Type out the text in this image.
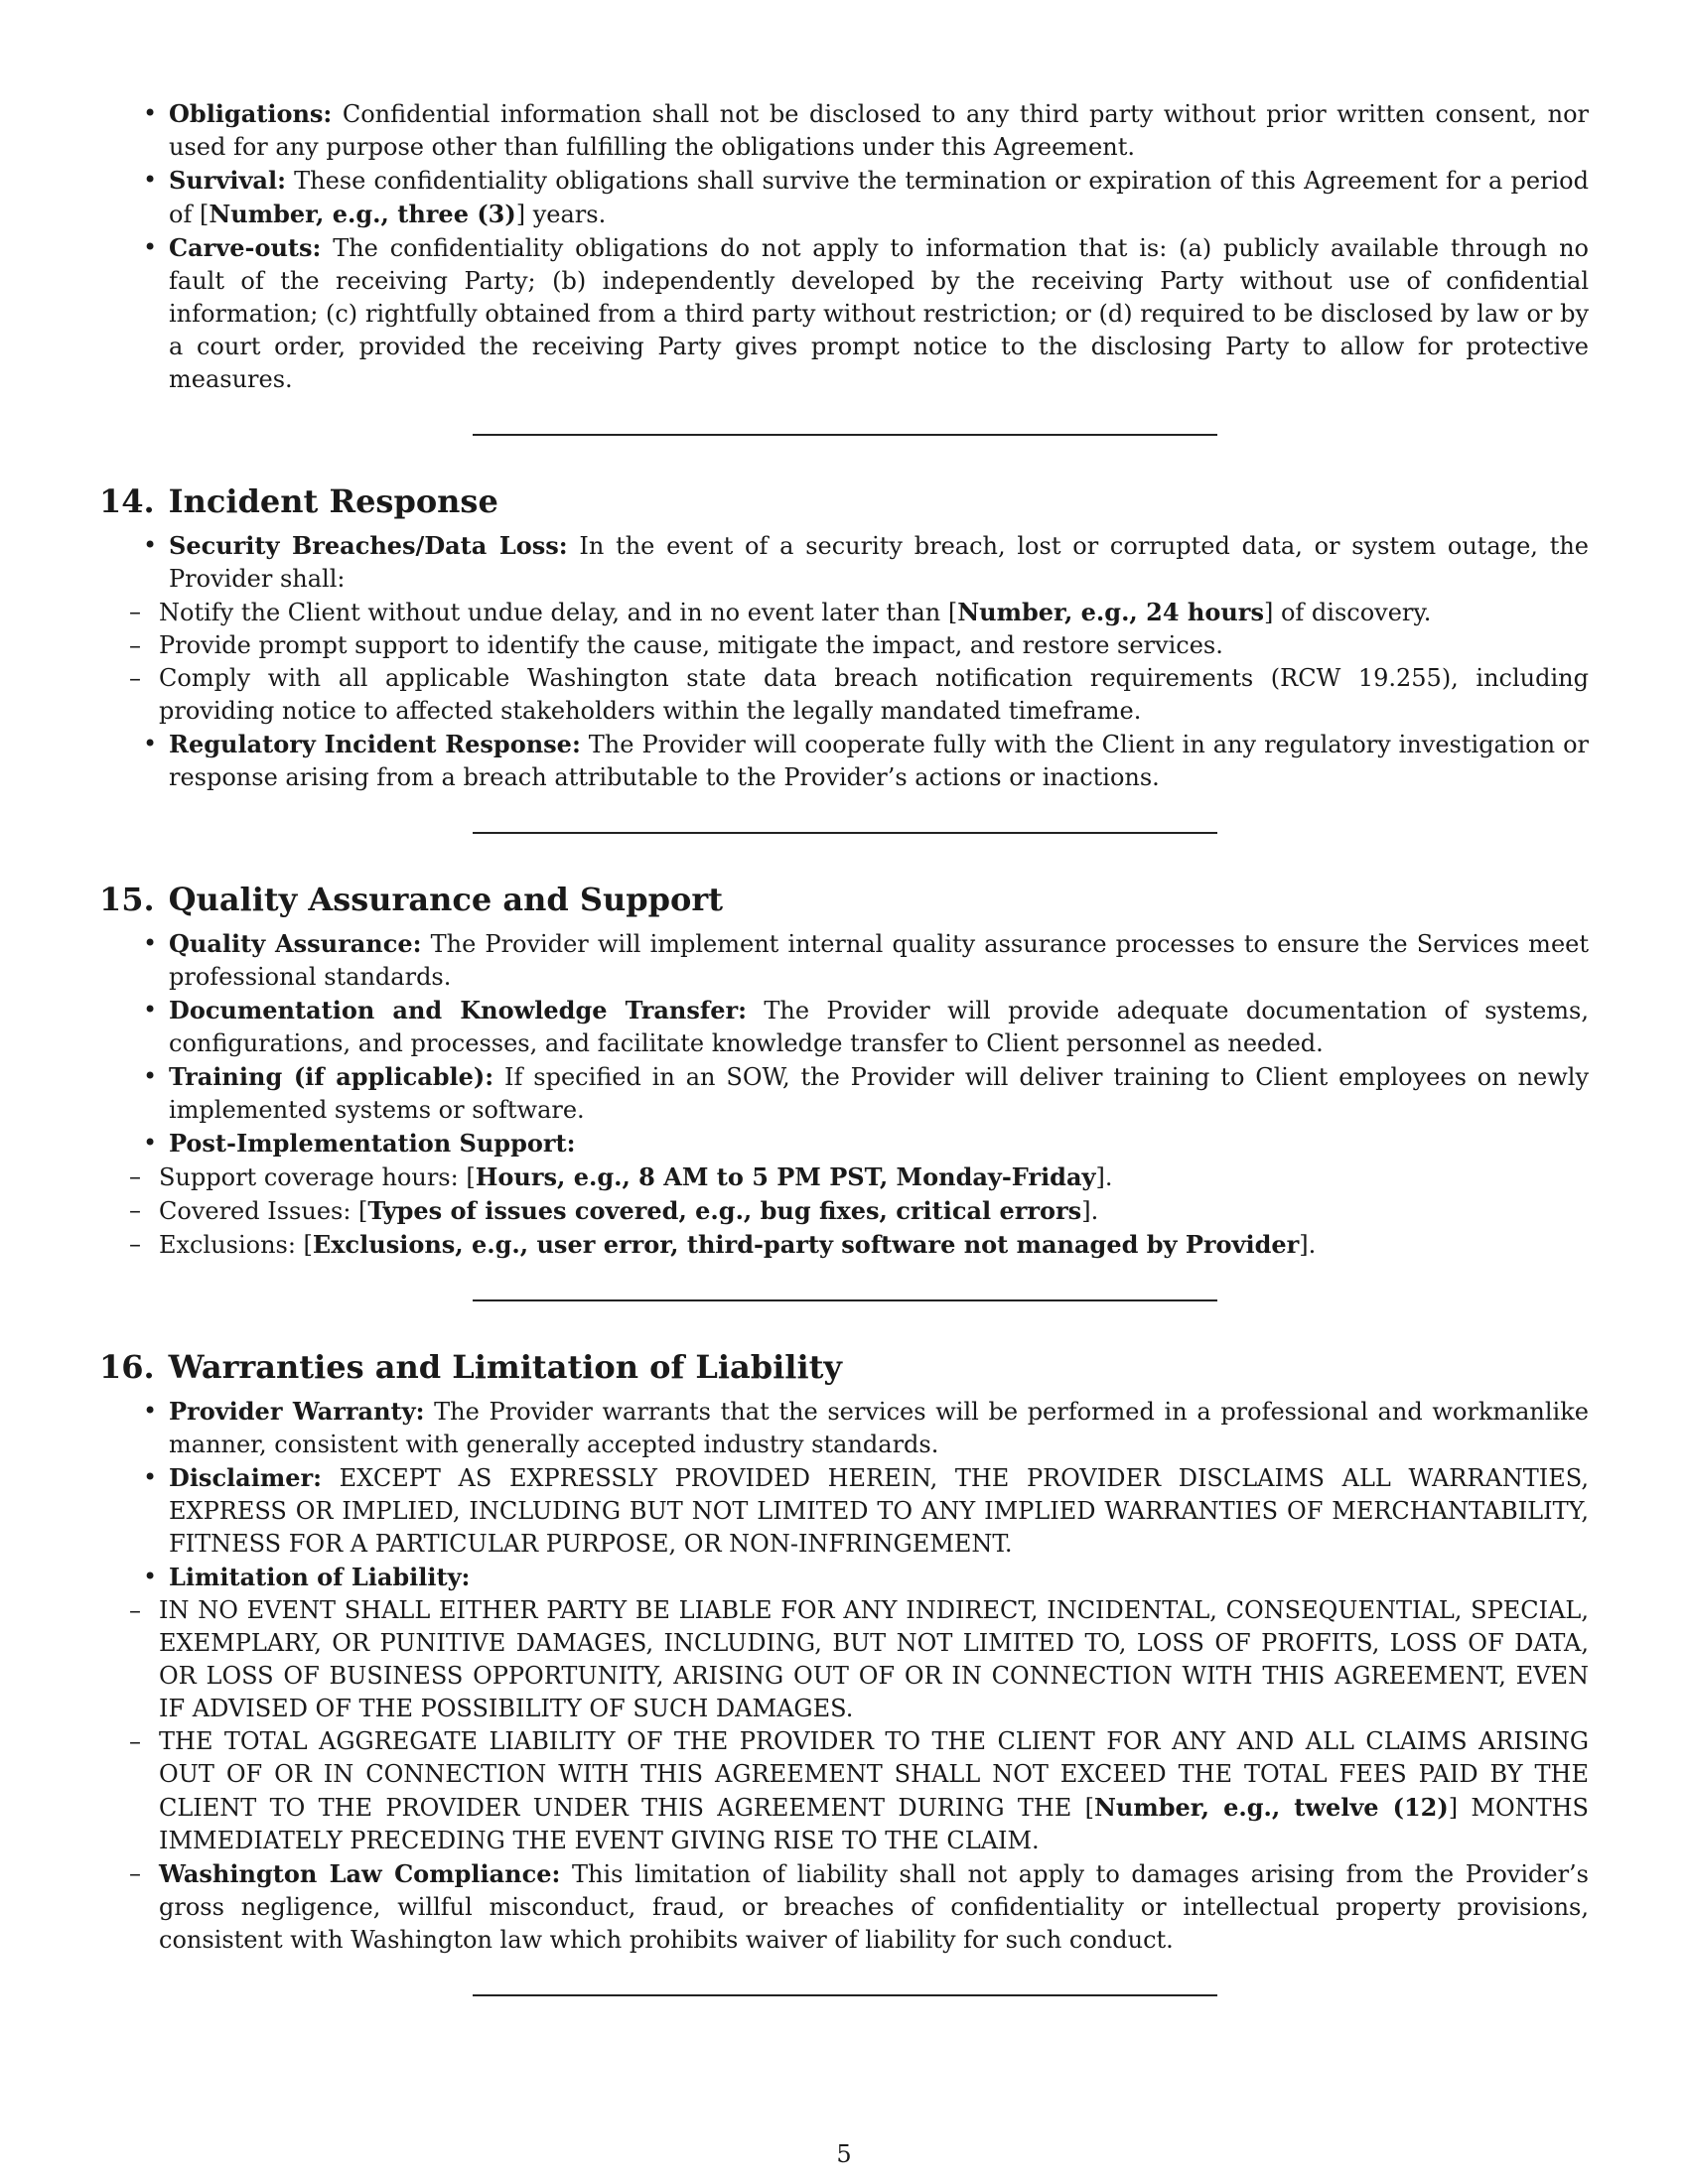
• Obligations: Confidential information shall not be disclosed to any third party without prior written consent, nor used for any purpose other than fulfilling the obligations under this Agreement.
• Survival: These confidentiality obligations shall survive the termination or expiration of this Agreement for a period of [Number, e.g., three (3)] years.
• Carve-outs: The confidentiality obligations do not apply to information that is: (a) publicly available through no fault of the receiving Party; (b) independently developed by the receiving Party without use of confidential information; (c) rightfully obtained from a third party without restriction; or (d) required to be disclosed by law or by a court order, provided the receiving Party gives prompt notice to the disclosing Party to allow for protective measures.
14. Incident Response
• Security Breaches/Data Loss: In the event of a security breach, lost or corrupted data, or system outage, the Provider shall:
– Notify the Client without undue delay, and in no event later than [Number, e.g., 24 hours] of discovery.
– Provide prompt support to identify the cause, mitigate the impact, and restore services.
– Comply with all applicable Washington state data breach notification requirements (RCW 19.255), including providing notice to affected stakeholders within the legally mandated timeframe.
• Regulatory Incident Response: The Provider will cooperate fully with the Client in any regulatory investigation or response arising from a breach attributable to the Provider’s actions or inactions.
15. Quality Assurance and Support
• Quality Assurance: The Provider will implement internal quality assurance processes to ensure the Services meet professional standards.
• Documentation and Knowledge Transfer: The Provider will provide adequate documentation of systems, configurations, and processes, and facilitate knowledge transfer to Client personnel as needed.
• Training (if applicable): If specified in an SOW, the Provider will deliver training to Client employees on newly implemented systems or software.
• Post-Implementation Support:
– Support coverage hours: [Hours, e.g., 8 AM to 5 PM PST, Monday-Friday].
– Covered Issues: [Types of issues covered, e.g., bug fixes, critical errors].
– Exclusions: [Exclusions, e.g., user error, third-party software not managed by Provider].
16. Warranties and Limitation of Liability
• Provider Warranty: The Provider warrants that the services will be performed in a professional and workmanlike manner, consistent with generally accepted industry standards.
• Disclaimer: EXCEPT AS EXPRESSLY PROVIDED HEREIN, THE PROVIDER DISCLAIMS ALL WARRANTIES, EXPRESS OR IMPLIED, INCLUDING BUT NOT LIMITED TO ANY IMPLIED WARRANTIES OF MERCHANTABILITY, FITNESS FOR A PARTICULAR PURPOSE, OR NON-INFRINGEMENT.
• Limitation of Liability:
– IN NO EVENT SHALL EITHER PARTY BE LIABLE FOR ANY INDIRECT, INCIDENTAL, CONSEQUENTIAL, SPECIAL, EXEMPLARY, OR PUNITIVE DAMAGES, INCLUDING, BUT NOT LIMITED TO, LOSS OF PROFITS, LOSS OF DATA, OR LOSS OF BUSINESS OPPORTUNITY, ARISING OUT OF OR IN CONNECTION WITH THIS AGREEMENT, EVEN IF ADVISED OF THE POSSIBILITY OF SUCH DAMAGES.
– THE TOTAL AGGREGATE LIABILITY OF THE PROVIDER TO THE CLIENT FOR ANY AND ALL CLAIMS ARISING OUT OF OR IN CONNECTION WITH THIS AGREEMENT SHALL NOT EXCEED THE TOTAL FEES PAID BY THE CLIENT TO THE PROVIDER UNDER THIS AGREEMENT DURING THE [Number, e.g., twelve (12)] MONTHS IMMEDIATELY PRECEDING THE EVENT GIVING RISE TO THE CLAIM.
– Washington Law Compliance: This limitation of liability shall not apply to damages arising from the Provider’s gross negligence, willful misconduct, fraud, or breaches of confidentiality or intellectual property provisions, consistent with Washington law which prohibits waiver of liability for such conduct.
5
